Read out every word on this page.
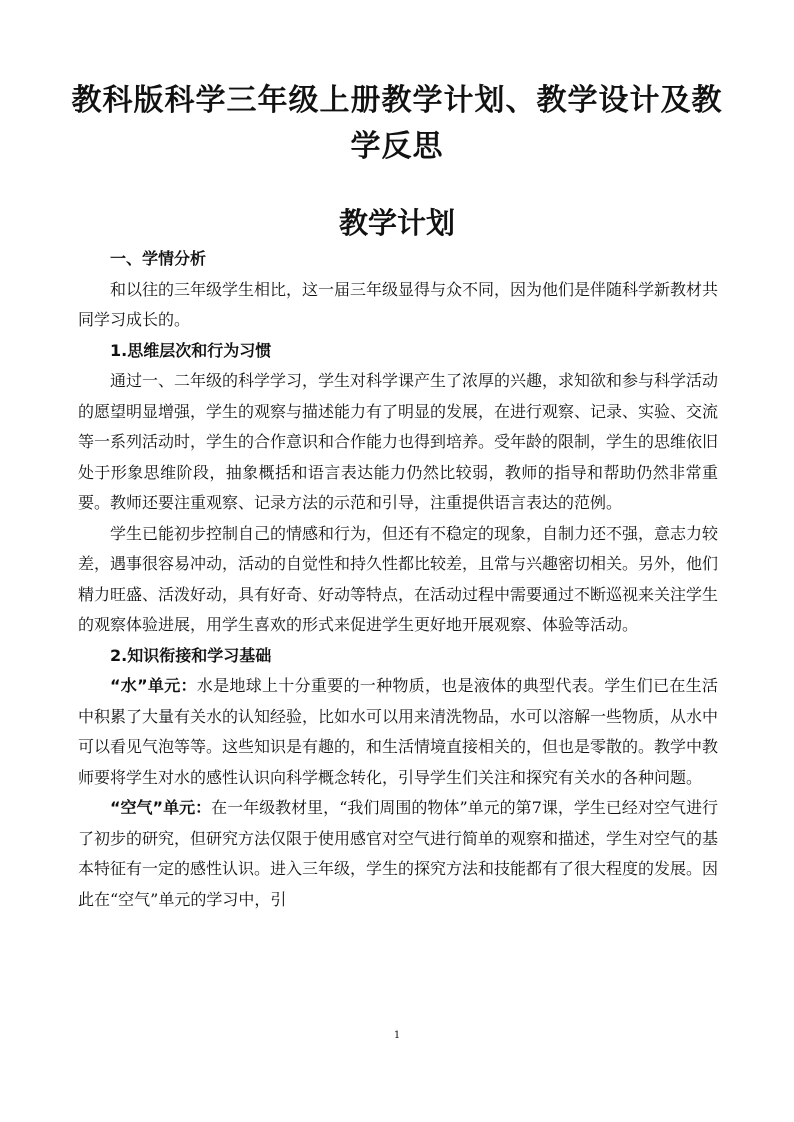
教科版科学三年级上册教学计划、教学设计及教学反思
教学计划
一、学情分析

和以往的三年级学生相比，这一届三年级显得与众不同，因为他们是伴随科学新教材共同学习成长的。

1.思维层次和行为习惯

通过一、二年级的科学学习，学生对科学课产生了浓厚的兴趣，求知欲和参与科学活动的愿望明显增强，学生的观察与描述能力有了明显的发展，在进行观察、记录、实验、交流等一系列活动时，学生的合作意识和合作能力也得到培养。受年龄的限制，学生的思维依旧处于形象思维阶段，抽象概括和语言表达能力仍然比较弱，教师的指导和帮助仍然非常重要。教师还要注重观察、记录方法的示范和引导，注重提供语言表达的范例。

学生已能初步控制自己的情感和行为，但还有不稳定的现象，自制力还不强，意志力较差，遇事很容易冲动，活动的自觉性和持久性都比较差，且常与兴趣密切相关。另外，他们精力旺盛、活泼好动，具有好奇、好动等特点，在活动过程中需要通过不断巡视来关注学生的观察体验进展，用学生喜欢的形式来促进学生更好地开展观察、体验等活动。

2.知识衔接和学习基础

“水”单元：水是地球上十分重要的一种物质，也是液体的典型代表。学生们已在生活中积累了大量有关水的认知经验，比如水可以用来清洗物品，水可以溶解一些物质，从水中可以看见气泡等等。这些知识是有趣的，和生活情境直接相关的，但也是零散的。教学中教师要将学生对水的感性认识向科学概念转化，引导学生们关注和探究有关水的各种问题。

“空气”单元：在一年级教材里，“我们周围的物体”单元的第7课，学生已经对空气进行了初步的研究，但研究方法仅限于使用感官对空气进行简单的观察和描述，学生对空气的基本特征有一定的感性认识。进入三年级，学生的探究方法和技能都有了很大程度的发展。因此在“空气”单元的学习中，引

1
